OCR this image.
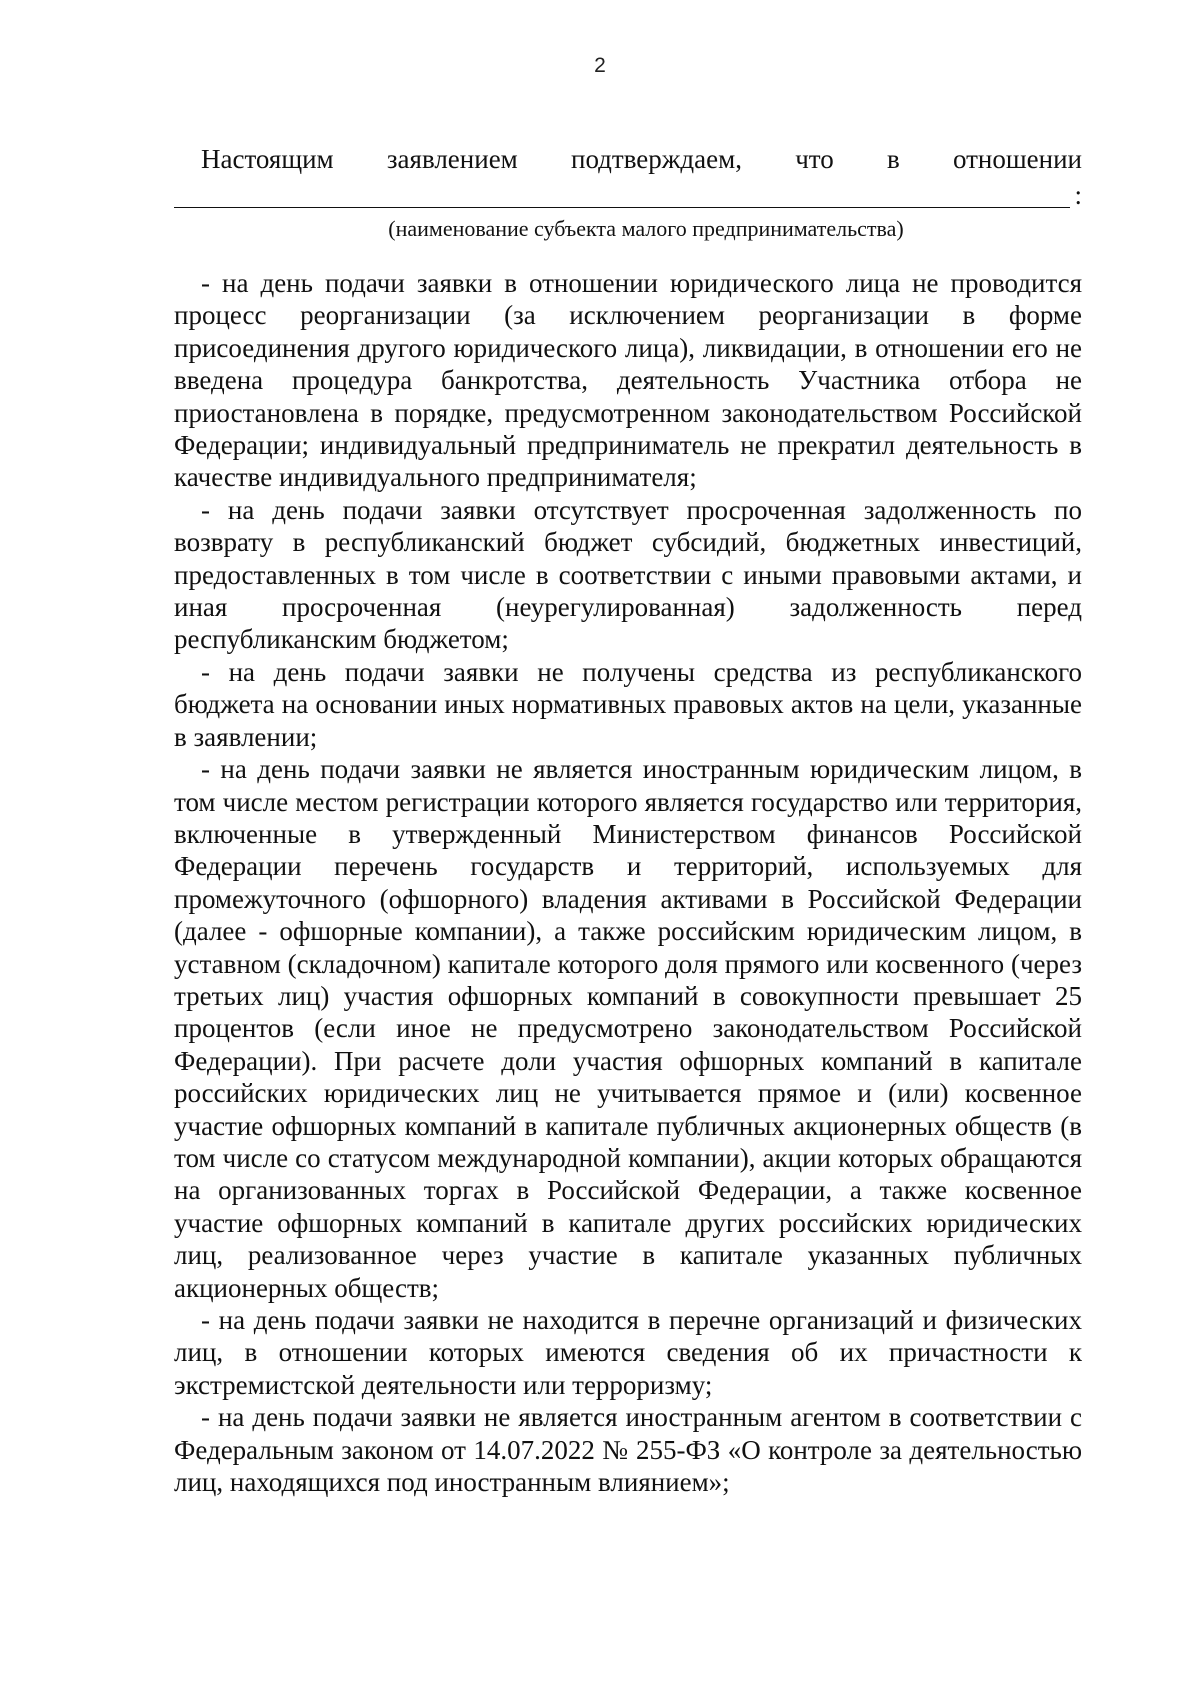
2
Настоящим заявлением подтверждаем, что в отношении
:
(наименование субъекта малого предпринимательства)

- на день подачи заявки в отношении юридического лица не проводится процесс реорганизации (за исключением реорганизации в форме присоединения другого юридического лица), ликвидации, в отношении его не введена процедура банкротства, деятельность Участника отбора не приостановлена в порядке, предусмотренном законодательством Российской Федерации; индивидуальный предприниматель не прекратил деятельность в качестве индивидуального предпринимателя;

- на день подачи заявки отсутствует просроченная задолженность по возврату в республиканский бюджет субсидий, бюджетных инвестиций, предоставленных в том числе в соответствии с иными правовыми актами, и иная просроченная (неурегулированная) задолженность перед республиканским бюджетом;

- на день подачи заявки не получены средства из республиканского бюджета на основании иных нормативных правовых актов на цели, указанные в заявлении;

- на день подачи заявки не является иностранным юридическим лицом, в том числе местом регистрации которого является государство или территория, включенные в утвержденный Министерством финансов Российской Федерации перечень государств и территорий, используемых для промежуточного (офшорного) владения активами в Российской Федерации (далее - офшорные компании), а также российским юридическим лицом, в уставном (складочном) капитале которого доля прямого или косвенного (через третьих лиц) участия офшорных компаний в совокупности превышает 25 процентов (если иное не предусмотрено законодательством Российской Федерации). При расчете доли участия офшорных компаний в капитале российских юридических лиц не учитывается прямое и (или) косвенное участие офшорных компаний в капитале публичных акционерных обществ (в том числе со статусом международной компании), акции которых обращаются на организованных торгах в Российской Федерации, а также косвенное участие офшорных компаний в капитале других российских юридических лиц, реализованное через участие в капитале указанных публичных акционерных обществ;

- на день подачи заявки не находится в перечне организаций и физических лиц, в отношении которых имеются сведения об их причастности к экстремистской деятельности или терроризму;

- на день подачи заявки не является иностранным агентом в соответствии с Федеральным законом от 14.07.2022 № 255-ФЗ «О контроле за деятельностью лиц, находящихся под иностранным влиянием»;
